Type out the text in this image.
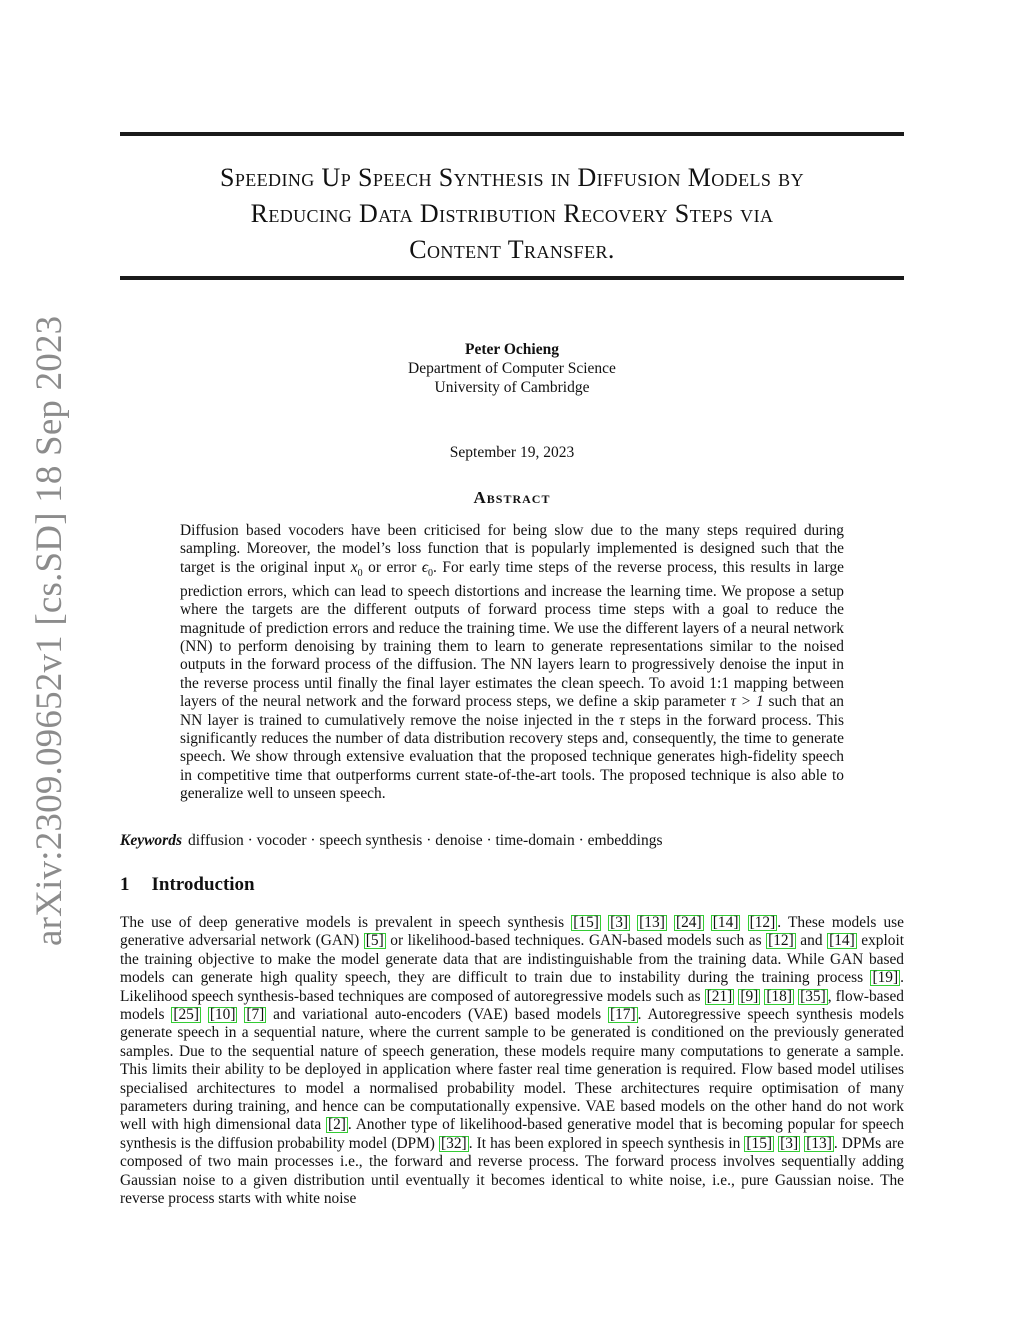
arXiv:2309.09652v1 [cs.SD] 18 Sep 2023
Speeding Up Speech Synthesis in Diffusion Models by
Reducing Data Distribution Recovery Steps via
Content Transfer.
Peter Ochieng
Department of Computer Science
University of Cambridge
September 19, 2023
Abstract

Diffusion based vocoders have been criticised for being slow due to the many steps required during sampling. Moreover, the model’s loss function that is popularly implemented is designed such that the target is the original input $x_0$ or error $\epsilon_0$. For early time steps of the reverse process, this results in large prediction errors, which can lead to speech distortions and increase the learning time. We propose a setup where the targets are the different outputs of forward process time steps with a goal to reduce the magnitude of prediction errors and reduce the training time. We use the different layers of a neural network (NN) to perform denoising by training them to learn to generate representations similar to the noised outputs in the forward process of the diffusion. The NN layers learn to progressively denoise the input in the reverse process until finally the final layer estimates the clean speech. To avoid 1:1 mapping between layers of the neural network and the forward process steps, we define a skip parameter τ > 1 such that an NN layer is trained to cumulatively remove the noise injected in the τ steps in the forward process. This significantly reduces the number of data distribution recovery steps and, consequently, the time to generate speech. We show through extensive evaluation that the proposed technique generates high-fidelity speech in competitive time that outperforms current state-of-the-art tools. The proposed technique is also able to generalize well to unseen speech.

Keywords diffusion · vocoder · speech synthesis · denoise · time-domain · embeddings
1 Introduction

The use of deep generative models is prevalent in speech synthesis [15] [3] [13] [24] [14] [12] . These models use generative adversarial network (GAN) [5] or likelihood-based techniques. GAN-based models such as [12] and [14] exploit the training objective to make the model generate data that are indistinguishable from the training data. While GAN based models can generate high quality speech, they are difficult to train due to instability during the training process [19] . Likelihood speech synthesis-based techniques are composed of autoregressive models such as [21] [9] [18] [35] , flow-based models [25] [10] [7] and variational auto-encoders (VAE) based models [17] . Autoregressive speech synthesis models generate speech in a sequential nature, where the current sample to be generated is conditioned on the previously generated samples. Due to the sequential nature of speech generation, these models require many computations to generate a sample. This limits their ability to be deployed in application where faster real time generation is required. Flow based model utilises specialised architectures to model a normalised probability model. These architectures require optimisation of many parameters during training, and hence can be computationally expensive. VAE based models on the other hand do not work well with high dimensional data [2] . Another type of likelihood-based generative model that is becoming popular for speech synthesis is the diffusion probability model (DPM) [32] . It has been explored in speech synthesis in [15] [3] [13] . DPMs are composed of two main processes i.e., the forward and reverse process. The forward process involves sequentially adding Gaussian noise to a given distribution until eventually it becomes identical to white noise, i.e., pure Gaussian noise. The reverse process starts with white noise
